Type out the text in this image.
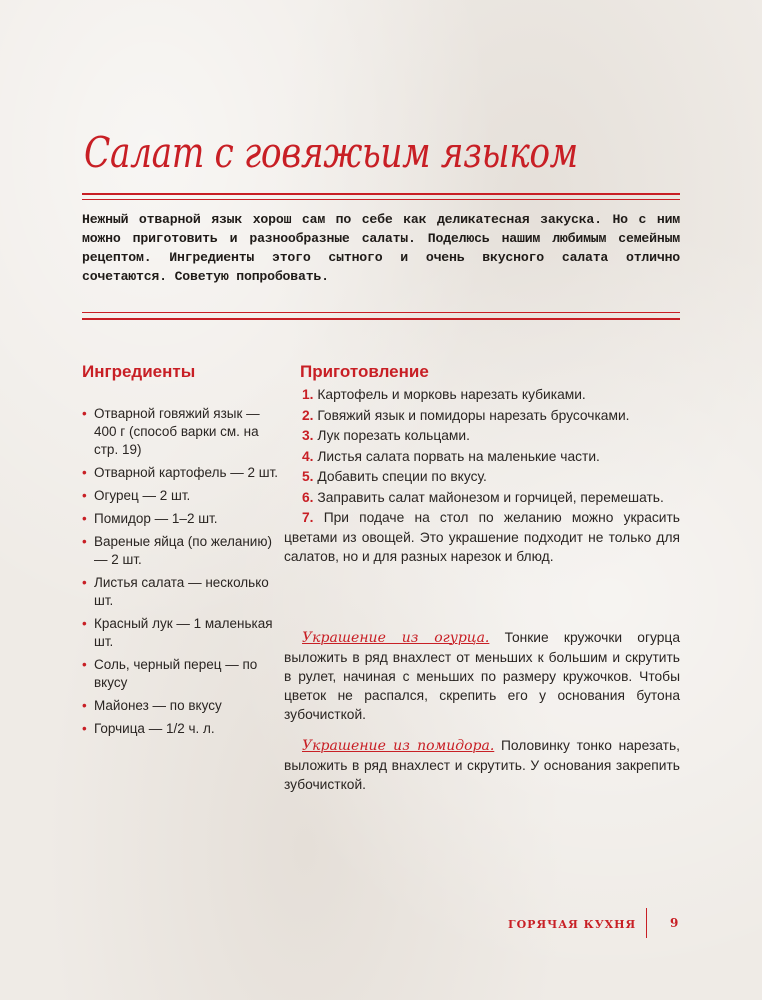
Салат с говяжьим языком
Нежный отварной язык хорош сам по себе как деликатесная закуска. Но с ним можно приготовить и разнообразные салаты. Поделюсь нашим любимым семейным рецептом. Ингредиенты этого сытного и очень вкусного салата отлично сочетаются. Советую попробовать.
Ингредиенты	Приготовление
• Отварной говяжий язык — 400 г (способ варки см. на стр. 19)
• Отварной картофель — 2 шт.
• Огурец — 2 шт.
• Помидор — 1–2 шт.
• Вареные яйца (по желанию) — 2 шт.
• Листья салата — несколько шт.
• Красный лук — 1 маленькая шт.
• Соль, черный перец — по вкусу
• Майонез — по вкусу
• Горчица — 1/2 ч. л.

1. Картофель и морковь нарезать кубиками.

2. Говяжий язык и помидоры нарезать брусочками.

3. Лук порезать кольцами.

4. Листья салата порвать на маленькие части.

5. Добавить специи по вкусу.

6. Заправить салат майонезом и горчицей, перемешать.

7. При подаче на стол по желанию можно украсить цветами из овощей. Это украшение подходит не только для салатов, но и для разных нарезок и блюд.

Украшение из огурца. Тонкие кружочки огурца выложить в ряд внахлест от меньших к большим и скрутить в рулет, начиная с меньших по размеру кружочков. Чтобы цветок не распался, скрепить его у основания бутона зубочисткой.
Украшение из помидора. Половинку тонко нарезать, выложить в ряд внахлест и скрутить. У основания закрепить зубочисткой.
ГОРЯЧАЯ КУХНЯ	9
